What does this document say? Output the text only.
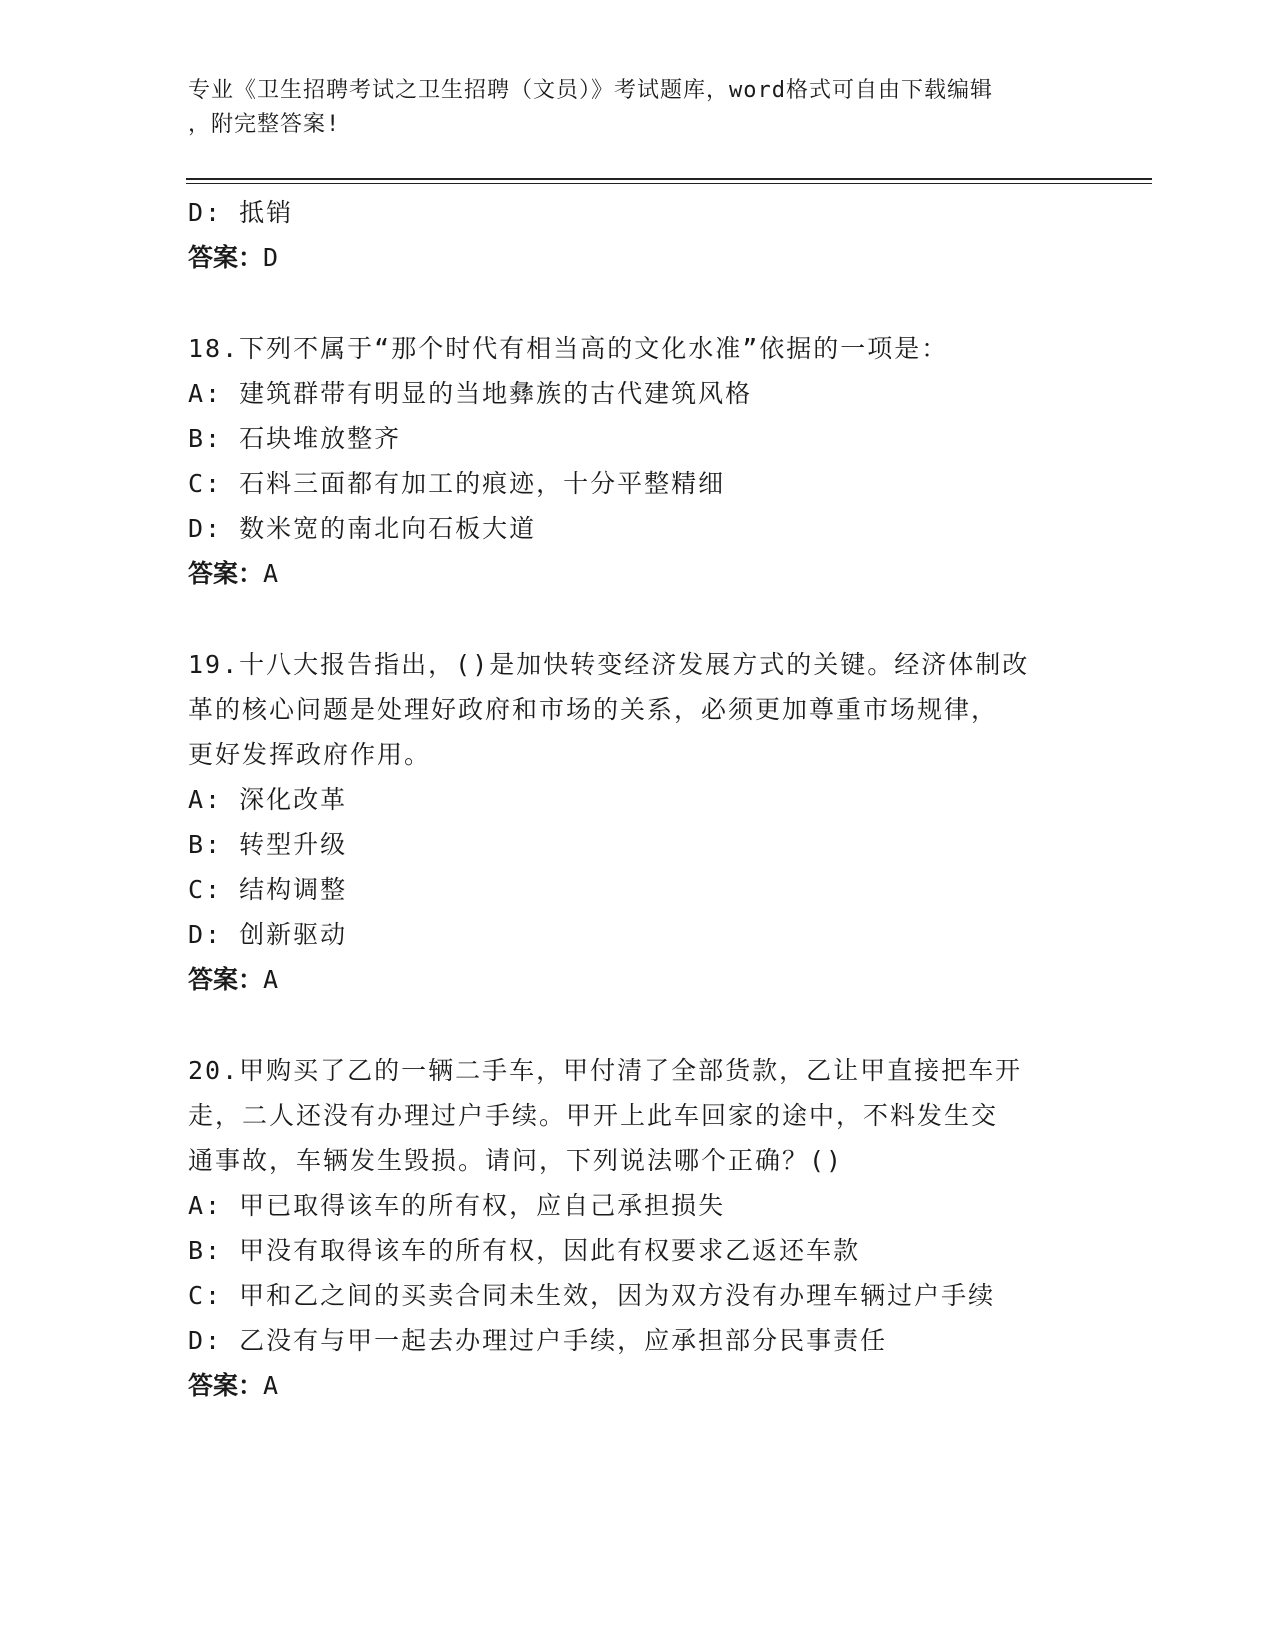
专业《卫生招聘考试之卫生招聘（文员）》考试题库，word格式可自由下载编辑
，附完整答案!
D: 抵销
答案：D
18.下列不属于“那个时代有相当高的文化水准”依据的一项是：
A: 建筑群带有明显的当地彝族的古代建筑风格
B: 石块堆放整齐
C: 石料三面都有加工的痕迹，十分平整精细
D: 数米宽的南北向石板大道
答案：A
19.十八大报告指出，()是加快转变经济发展方式的关键。经济体制改
革的核心问题是处理好政府和市场的关系，必须更加尊重市场规律，
更好发挥政府作用。
A: 深化改革
B: 转型升级
C: 结构调整
D: 创新驱动
答案：A
20.甲购买了乙的一辆二手车，甲付清了全部货款，乙让甲直接把车开
走，二人还没有办理过户手续。甲开上此车回家的途中，不料发生交
通事故，车辆发生毁损。请问，下列说法哪个正确？()
A: 甲已取得该车的所有权，应自己承担损失
B: 甲没有取得该车的所有权，因此有权要求乙返还车款
C: 甲和乙之间的买卖合同未生效，因为双方没有办理车辆过户手续
D: 乙没有与甲一起去办理过户手续，应承担部分民事责任
答案：A
